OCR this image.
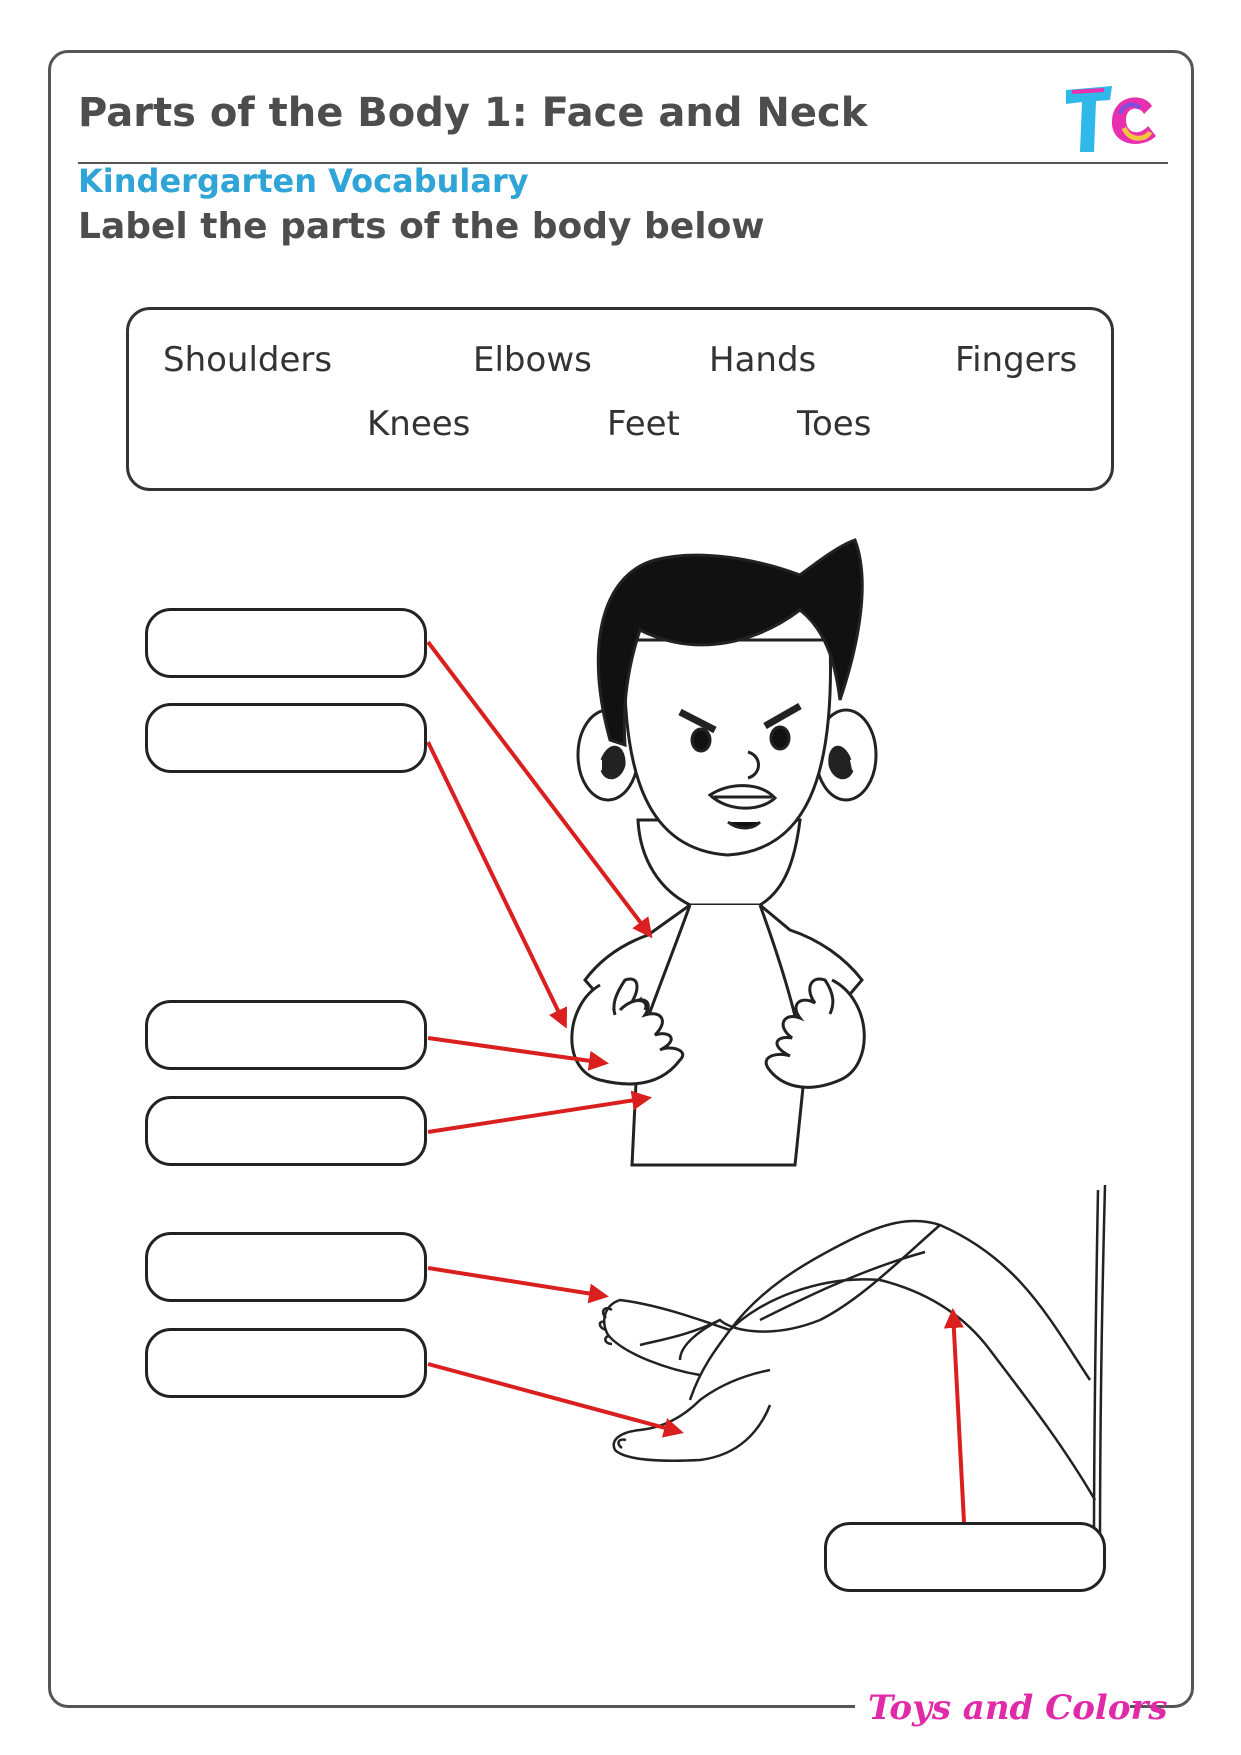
Parts of the Body 1: Face and Neck
Kindergarten Vocabulary
Label the parts of the body below
Shoulders	Elbows	Hands	Fingers
Knees	Feet	Toes
Toys and Colors
